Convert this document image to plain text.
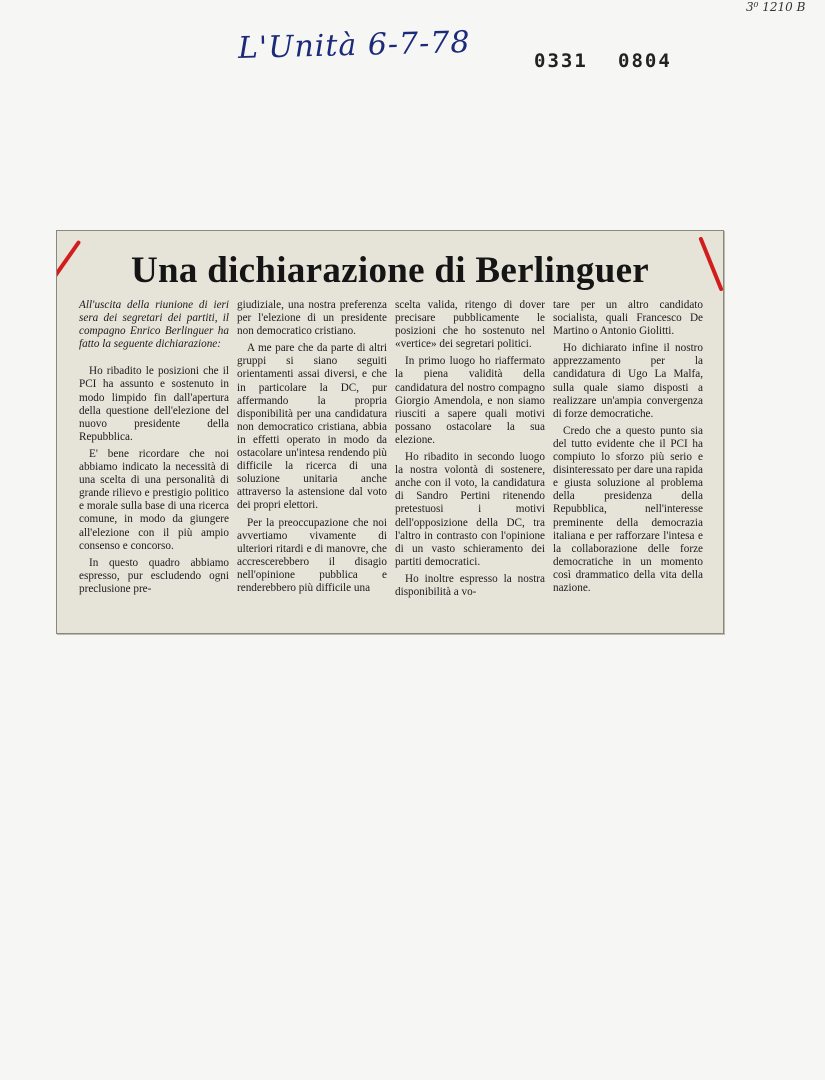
L'Unità 6-7-78	0331 0804
3⁰ 1210 B
Una dichiarazione di Berlinguer

All'uscita della riunione di ieri sera dei segretari dei partiti, il compagno Enrico Berlinguer ha fatto la seguente dichiarazione:

Ho ribadito le posizioni che il PCI ha assunto e sostenuto in modo limpido fin dall'apertura della questione dell'elezione del nuovo presidente della Repubblica.

E' bene ricordare che noi abbiamo indicato la necessità di una scelta di una personalità di grande rilievo e prestigio politico e morale sulla base di una ricerca comune, in modo da giungere all'elezione con il più ampio consenso e concorso.

In questo quadro abbiamo espresso, pur escludendo ogni preclusione pre-

giudiziale, una nostra preferenza per l'elezione di un presidente non democratico cristiano.

A me pare che da parte di altri gruppi si siano seguiti orientamenti assai diversi, e che in particolare la DC, pur affermando la propria disponibilità per una candidatura non democratico cristiana, abbia in effetti operato in modo da ostacolare un'intesa rendendo più difficile la ricerca di una soluzione unitaria anche attraverso la astensione dal voto dei propri elettori.

Per la preoccupazione che noi avvertiamo vivamente di ulteriori ritardi e di manovre, che accrescerebbero il disagio nell'opinione pubblica e renderebbero più difficile una

scelta valida, ritengo di dover precisare pubblicamente le posizioni che ho sostenuto nel «vertice» dei segretari politici.

In primo luogo ho riaffermato la piena validità della candidatura del nostro compagno Giorgio Amendola, e non siamo riusciti a sapere quali motivi possano ostacolare la sua elezione.

Ho ribadito in secondo luogo la nostra volontà di sostenere, anche con il voto, la candidatura di Sandro Pertini ritenendo pretestuosi i motivi dell'opposizione della DC, tra l'altro in contrasto con l'opinione di un vasto schieramento dei partiti democratici.

Ho inoltre espresso la nostra disponibilità a vo-

tare per un altro candidato socialista, quali Francesco De Martino o Antonio Giolitti.

Ho dichiarato infine il nostro apprezzamento per la candidatura di Ugo La Malfa, sulla quale siamo disposti a realizzare un'ampia convergenza di forze democratiche.

Credo che a questo punto sia del tutto evidente che il PCI ha compiuto lo sforzo più serio e disinteressato per dare una rapida e giusta soluzione al problema della presidenza della Repubblica, nell'interesse preminente della democrazia italiana e per rafforzare l'intesa e la collaborazione delle forze democratiche in un momento così drammatico della vita della nazione.
